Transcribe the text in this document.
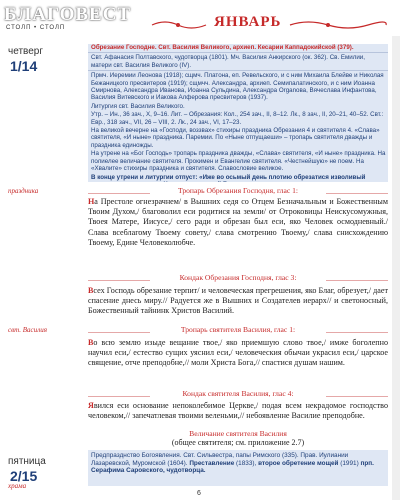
БЛАГОВЕСТ
СТОЛП • СТОЛП	ЯНВАРЬ
четверг
1/14

Обрезание Господне. Свт. Василия Великого, архиеп. Кесарии Каппадокийской (379).

Свт. Афанасия Полтавского, чудотворца (1801). Мч. Василия Анкирского (ок. 362). Св. Емилии, матери свт. Василия Великого (IV).

Прмч. Иеремии Леонова (1918); сщмч. Платона, еп. Ревельского, и с ним Михаила Блейве и Николая Бежаницкого пресвитеров (1919); сщмчч. Александра, архиеп. Семипалатинского, и с ним Иоанна Смирнова, Александра Иванова, Иоанна Сульдина, Александра Organoва, Вячеслава Инфантова, Василия Витевского и Иакова Алферова пресвитеров (1937).

Литургия свт. Василия Великого.

Утр. – Ин., 36 зач., X, 9–16. Лит. – Обрезания: Кол., 254 зач., II, 8–12. Лк., 8 зач., II, 20–21, 40–52. Свт.: Евр., 318 зач., VII, 26 – VIII, 2. Лк., 24 зач., VI, 17–23.

На великой вечерне на «Господи, воззвах» стихиры праздника Обрезания 4 и святителя 4. «Слава» святителя, «И ныне» праздника. Паремии. По «Ныне отпущаеши» – тропарь святителя дважды и праздника единожды.

На утрене на «Бог Господь» тропарь праздника дважды, «Слава» святителя, «И ныне» праздника. На полиелее величание святителя. Прокимен и Евангелие святителя. «Честнейшую» не поем. На «Хвалите» стихиры праздника и святителя. Славословие великое.

В конце утрени и литургии отпуст: «Иже во осьмый день плотию обрезатися изволивый

праздника	Тропарь Обрезания Господня, глас 1:
На Престоле огнезрачнем/ в Вышних седя со Отцем Безначальным и Божественным Твоим Духом,/ благоволил еси родитися на земли/ от Отроковицы Неискусомужныя, Твоея Матере, Иисусе,/ сего ради и обрезан был еси, яко Человек осмодневный./ Слава всеблагому Твоему совету,/ слава смотрению Твоему,/ слава снисхождению Твоему, Едине Человеколюбче.
Кондак Обрезания Господня, глас 3:
Всех Господь обрезание терпит/ и человеческая прегрешения, яко Благ, обрезует,/ дает спасение днесь миру.// Радуется же в Вышних и Создателев иерарх// и светоносный, Божественный тайнинк Христов Василий.
свт. Василия	Тропарь святителя Василия, глас 1:
Во всю землю изыде вещание твое,/ яко приемшую слово твое,/ имже боголепно научил еси,/ естество сущих уяснил еси,/ человеческия обычаи украсил еси,/ царское священие, отче преподобне,// моли Христа Бога,// спастися душам нашим.
Кондак святителя Василия, глас 4:
Явился еси основание непоколебимое Церкве,/ подая всем некрадомое господство человеком,// запечатлевая твоими веленьми,// небоявленне Василие преподобне.
Величание святителя Василия
(общее святителя; см. приложение 2.7)
пятница
2/15
храма

Предпразднство Богоявления. Свт. Сильвестра, папы Римского (335). Прав. Иулиании Лазаревской, Муромской (1604). Преставление (1833), второе обретение мощей (1991) прп. Серафима Саровского, чудотворца.

6
